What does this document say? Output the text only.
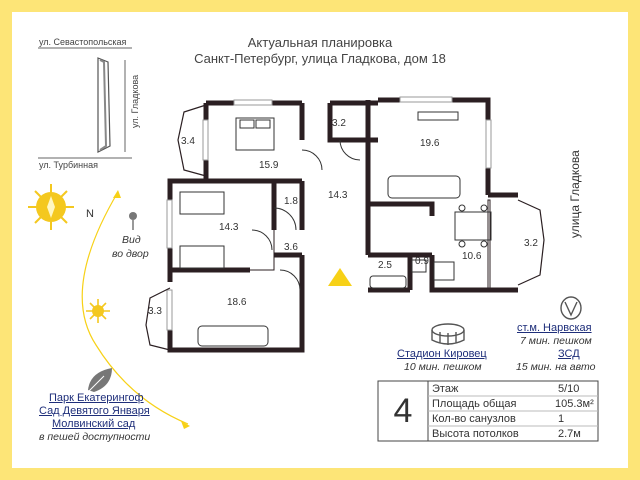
Актуальная планировка
Санкт-Петербург, улица Гладкова, дом 18
ул. Севастопольская
ул. Турбинная
ул. Гладкова
N
Вид
во двор
улица Гладкова
3.4
15.9
3.2
19.6
14.3
1.8
14.3
3.6
2.5 0.9	10.6
3.2
18.6
3.3
Стадион Кировец
10 мин. пешком
ст.м. Нарвская
7 мин. пешком
ЗСД
15 мин. на авто
Парк Екатерингоф
Сад Девятого Января
Молвинский сад
в пешей доступности
4
Этаж	5/10
Площадь общая	105.3м²
Кол-во санузлов	1
Высота потолков	2.7м
